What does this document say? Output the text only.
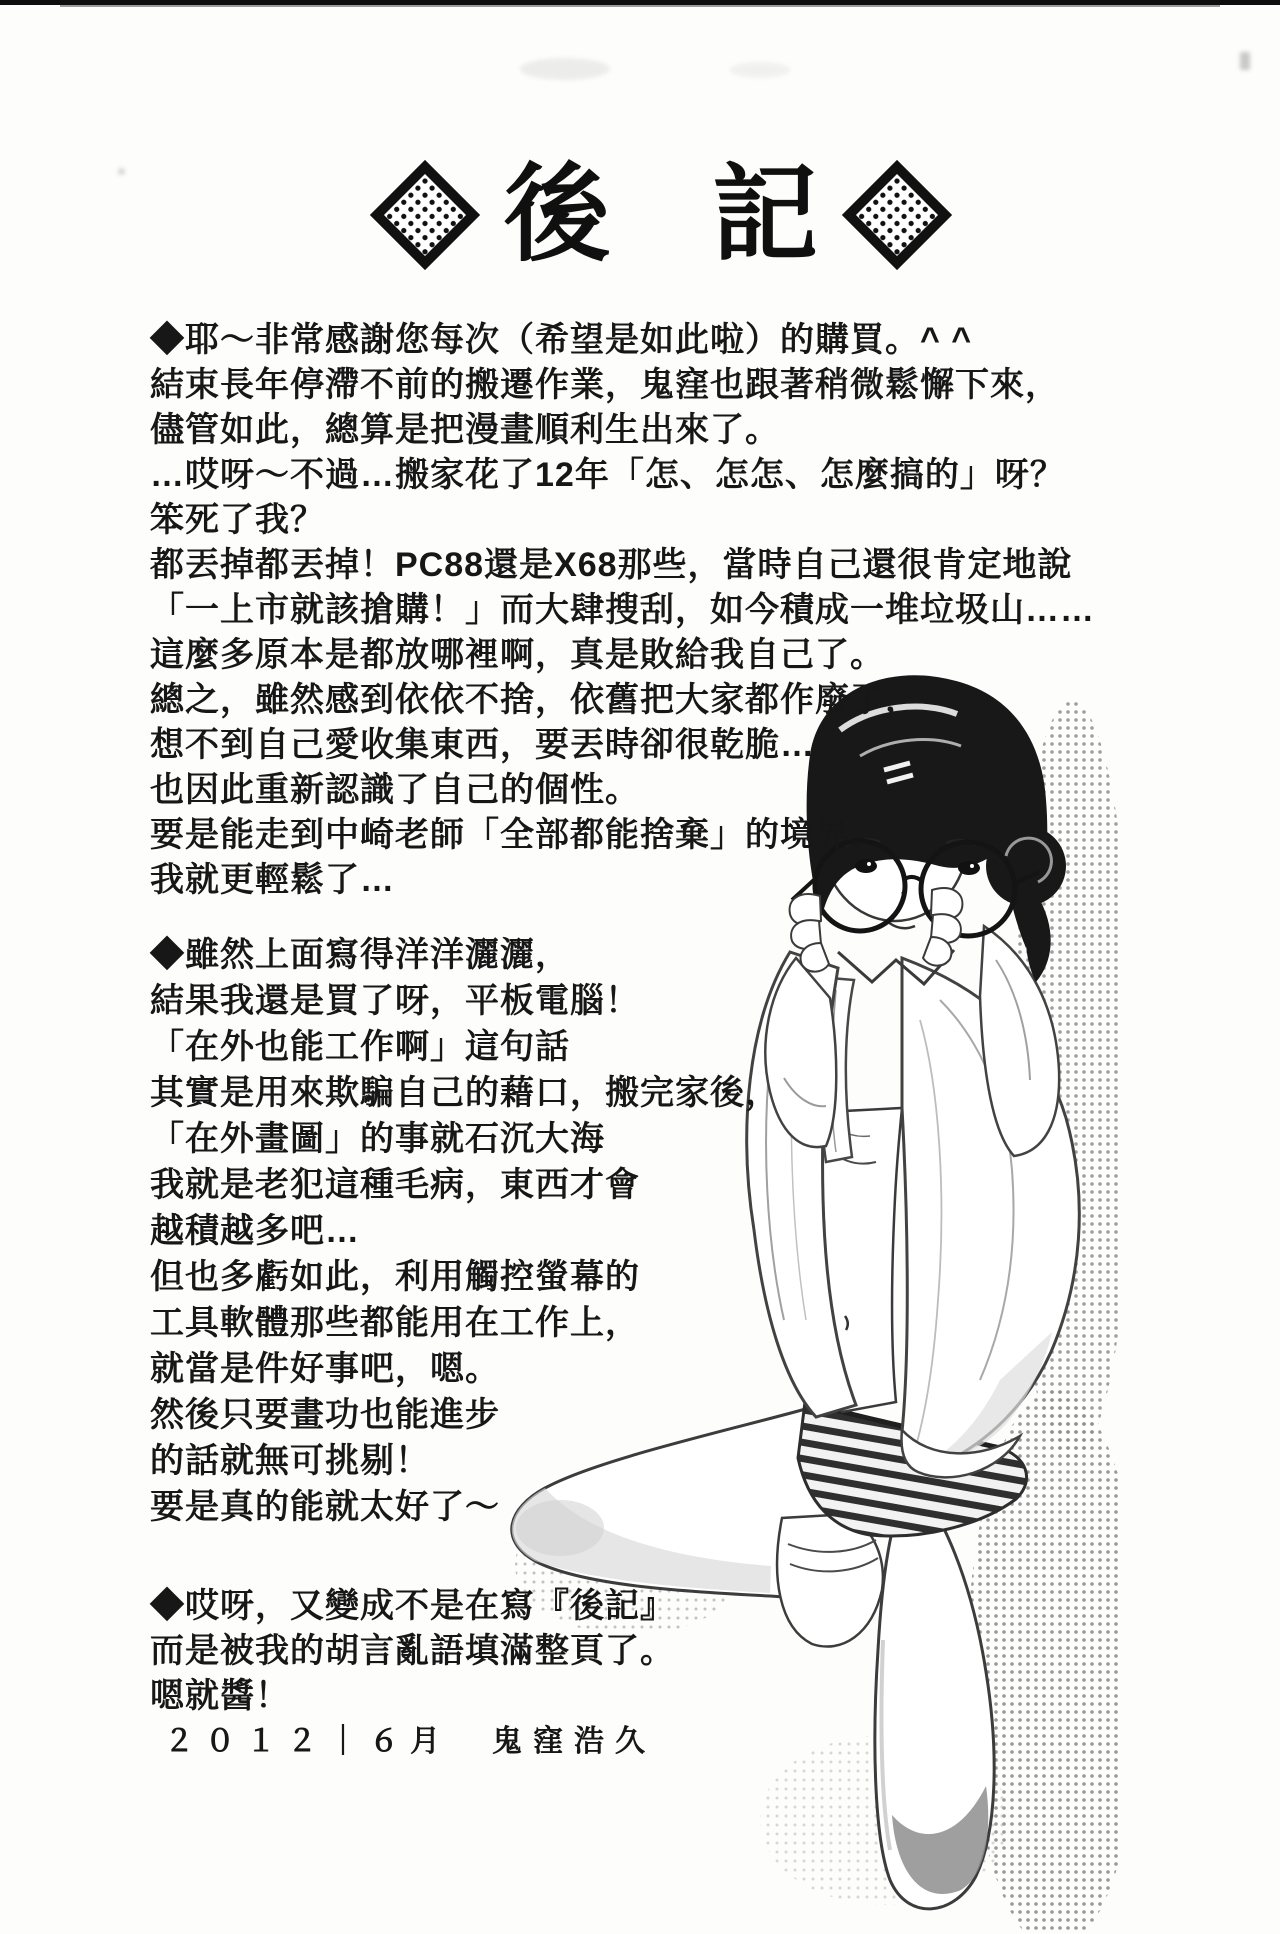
後 記
◆耶～非常感謝您每次（希望是如此啦）的購買。^ ^
結束長年停滯不前的搬遷作業，鬼窪也跟著稍微鬆懈下來，
儘管如此，總算是把漫畫順利生出來了。
…哎呀～不過…搬家花了12年「怎、怎怎、怎麼搞的」呀？
笨死了我？
都丟掉都丟掉！PC88還是X68那些，當時自己還很肯定地說
「一上市就該搶購！」而大肆搜刮，如今積成一堆垃圾山……
這麼多原本是都放哪裡啊，真是敗給我自己了。
總之，雖然感到依依不捨，依舊把大家都作廢了，
想不到自己愛收集東西，要丟時卻很乾脆…
也因此重新認識了自己的個性。
要是能走到中崎老師「全部都能捨棄」的境界，
我就更輕鬆了…
◆雖然上面寫得洋洋灑灑，
結果我還是買了呀，平板電腦！
「在外也能工作啊」這句話
其實是用來欺騙自己的藉口，搬完家後，
「在外畫圖」的事就石沉大海
我就是老犯這種毛病，東西才會
越積越多吧…
但也多虧如此，利用觸控螢幕的
工具軟體那些都能用在工作上，
就當是件好事吧，嗯。
然後只要畫功也能進步
的話就無可挑剔！
要是真的能就太好了～
◆哎呀，又變成不是在寫『後記』
而是被我的胡言亂語填滿整頁了。
嗯就醬！
２０１２｜６月　鬼窪浩久
